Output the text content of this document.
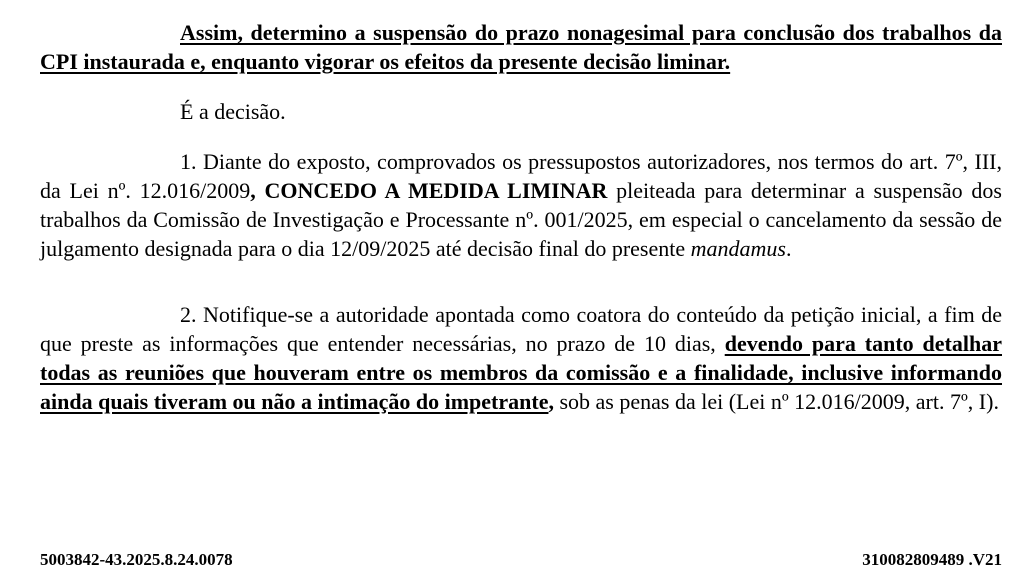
Assim, determino a suspensão do prazo nonagesimal para conclusão dos trabalhos da CPI instaurada e, enquanto vigorar os efeitos da presente decisão liminar.

É a decisão.

1. Diante do exposto, comprovados os pressupostos autorizadores, nos termos do art. 7º, III, da Lei nº. 12.016/2009, CONCEDO A MEDIDA LIMINAR pleiteada para determinar a suspensão dos trabalhos da Comissão de Investigação e Processante nº. 001/2025, em especial o cancelamento da sessão de julgamento designada para o dia 12/09/2025 até decisão final do presente mandamus.

2. Notifique-se a autoridade apontada como coatora do conteúdo da petição inicial, a fim de que preste as informações que entender necessárias, no prazo de 10 dias, devendo para tanto detalhar todas as reuniões que houveram entre os membros da comissão e a finalidade, inclusive informando ainda quais tiveram ou não a intimação do impetrante, sob as penas da lei (Lei nº 12.016/2009, art. 7º, I).

5003842-43.2025.8.24.0078	310082809489 .V21
